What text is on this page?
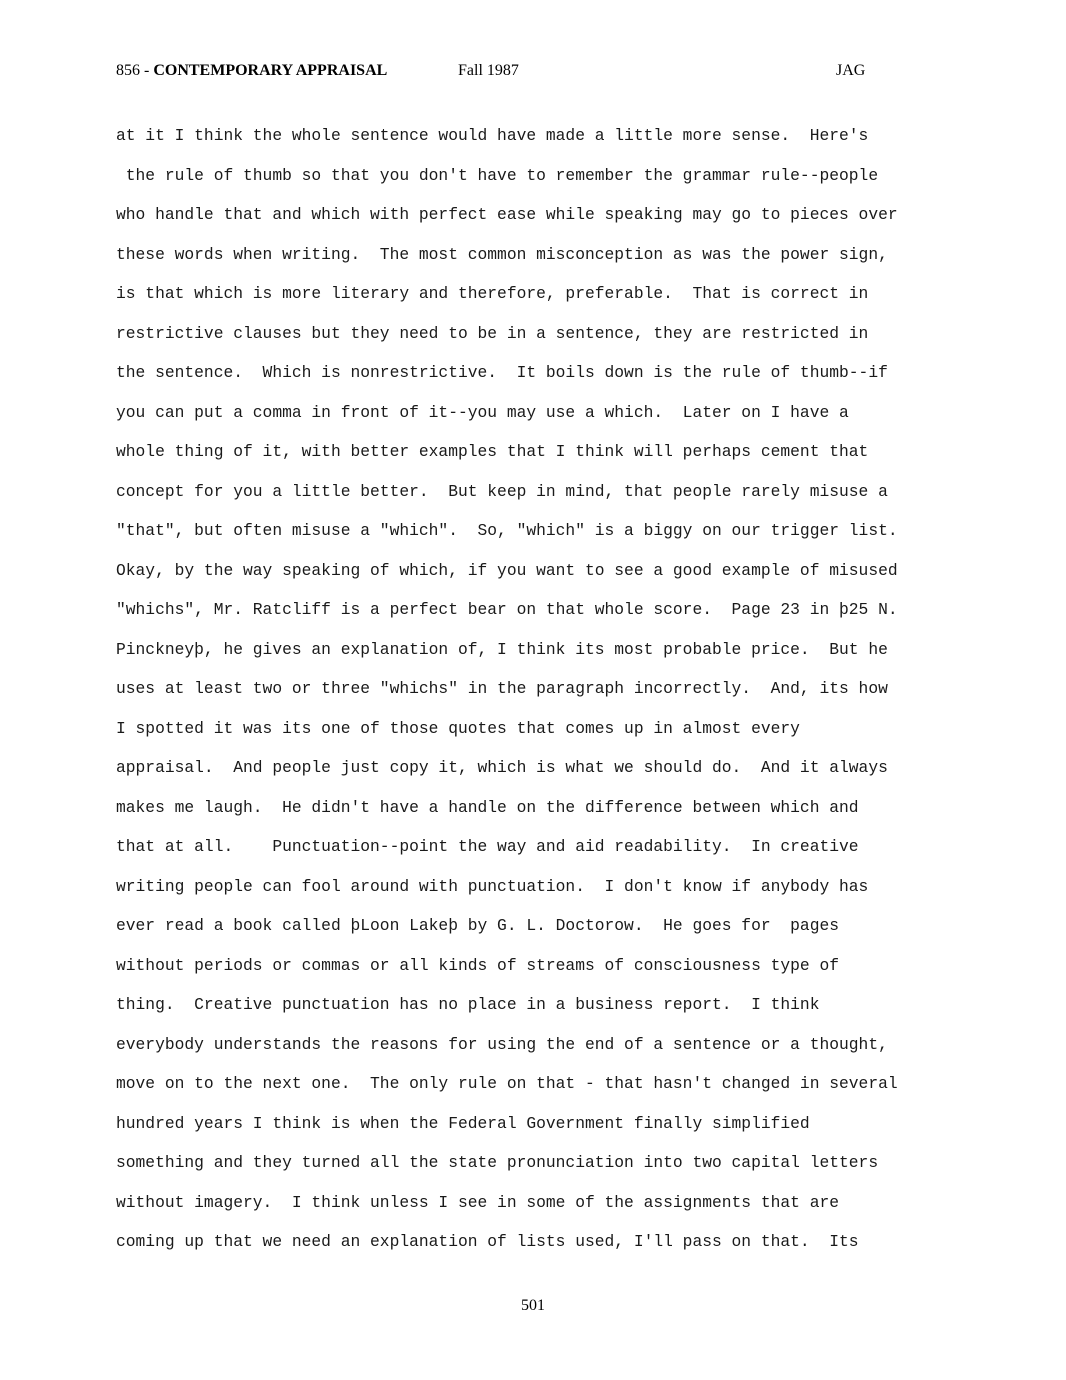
856 - CONTEMPORARY APPRAISAL	Fall 1987	JAG
at it I think the whole sentence would have made a little more sense.  Here's
the rule of thumb so that you don't have to remember the grammar rule--people
who handle that and which with perfect ease while speaking may go to pieces over
these words when writing.  The most common misconception as was the power sign,
is that which is more literary and therefore, preferable.  That is correct in
restrictive clauses but they need to be in a sentence, they are restricted in
the sentence.  Which is nonrestrictive.  It boils down is the rule of thumb--if
you can put a comma in front of it--you may use a which.  Later on I have a
whole thing of it, with better examples that I think will perhaps cement that
concept for you a little better.  But keep in mind, that people rarely misuse a
"that", but often misuse a "which".  So, "which" is a biggy on our trigger list.
Okay, by the way speaking of which, if you want to see a good example of misused
"whichs", Mr. Ratcliff is a perfect bear on that whole score.  Page 23 in þ25 N.
Pinckneyþ, he gives an explanation of, I think its most probable price.  But he
uses at least two or three "whichs" in the paragraph incorrectly.  And, its how
I spotted it was its one of those quotes that comes up in almost every
appraisal.  And people just copy it, which is what we should do.  And it always
makes me laugh.  He didn't have a handle on the difference between which and
that at all.    Punctuation--point the way and aid readability.  In creative
writing people can fool around with punctuation.  I don't know if anybody has
ever read a book called þLoon Lakeþ by G. L. Doctorow.  He goes for  pages
without periods or commas or all kinds of streams of consciousness type of
thing.  Creative punctuation has no place in a business report.  I think
everybody understands the reasons for using the end of a sentence or a thought,
move on to the next one.  The only rule on that - that hasn't changed in several
hundred years I think is when the Federal Government finally simplified
something and they turned all the state pronunciation into two capital letters
without imagery.  I think unless I see in some of the assignments that are
coming up that we need an explanation of lists used, I'll pass on that.  Its
501
